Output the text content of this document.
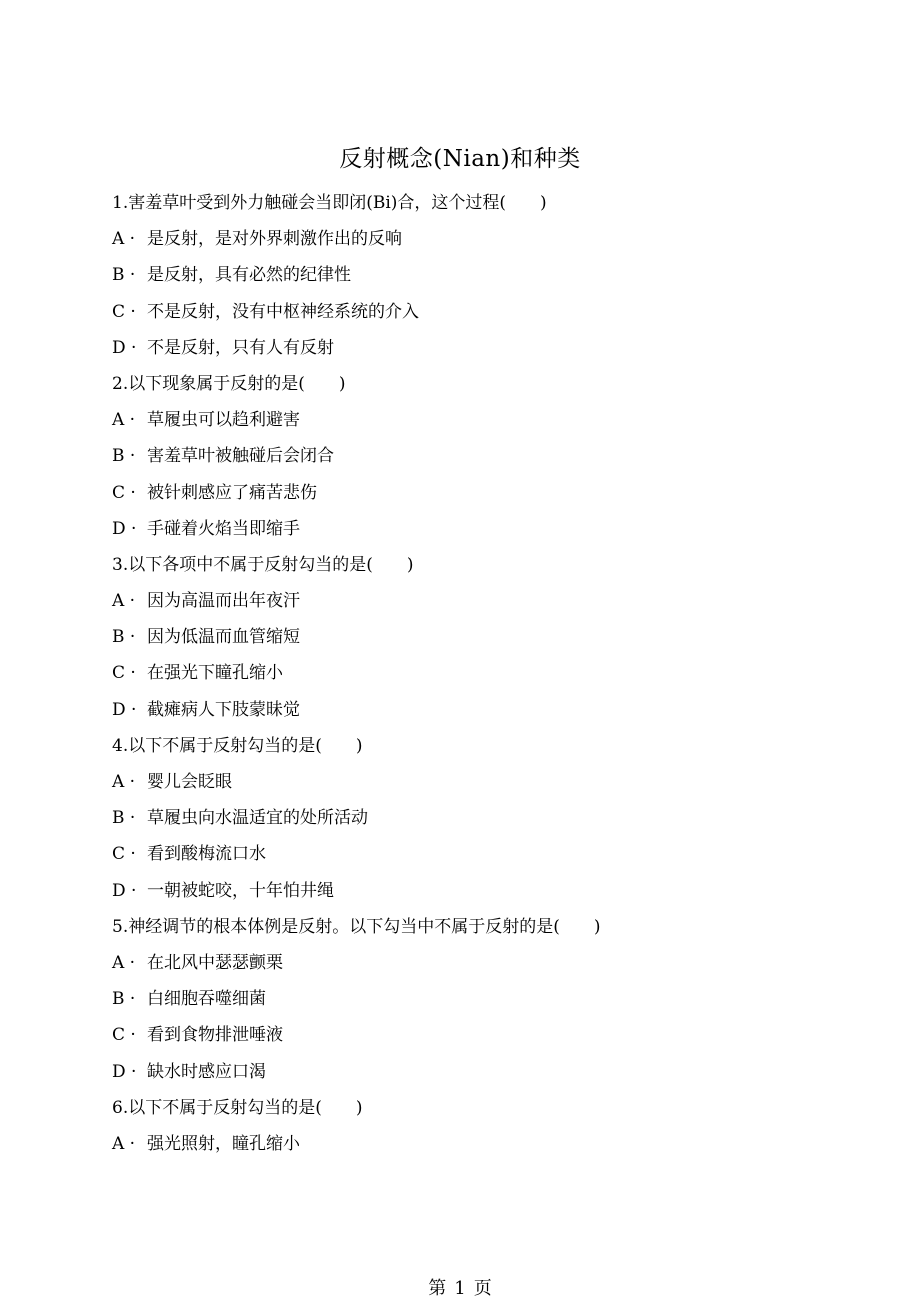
反射概念(Nian)和种类
1.害羞草叶受到外力触碰会当即闭(Bi)合，这个过程(　　)
A · 是反射，是对外界刺激作出的反响
B · 是反射，具有必然的纪律性
C · 不是反射，没有中枢神经系统的介入
D · 不是反射，只有人有反射
2.以下现象属于反射的是(　　)
A · 草履虫可以趋利避害
B · 害羞草叶被触碰后会闭合
C · 被针刺感应了痛苦悲伤
D · 手碰着火焰当即缩手
3.以下各项中不属于反射勾当的是(　　)
A · 因为高温而出年夜汗
B · 因为低温而血管缩短
C · 在强光下瞳孔缩小
D · 截瘫病人下肢蒙昧觉
4.以下不属于反射勾当的是(　　)
A · 婴儿会眨眼
B · 草履虫向水温适宜的处所活动
C · 看到酸梅流口水
D · 一朝被蛇咬，十年怕井绳
5.神经调节的根本体例是反射。以下勾当中不属于反射的是(　　)
A · 在北风中瑟瑟颤栗
B · 白细胞吞噬细菌
C · 看到食物排泄唾液
D · 缺水时感应口渴
6.以下不属于反射勾当的是(　　)
A · 强光照射，瞳孔缩小
第 1 页
